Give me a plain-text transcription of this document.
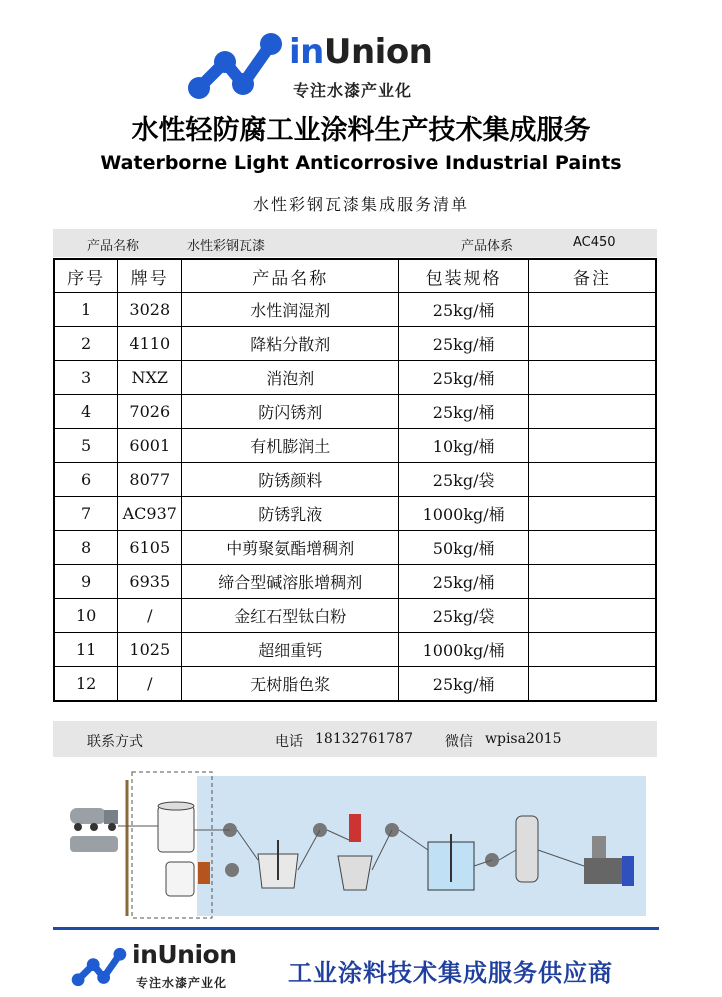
inUnion
专注水漆产业化
水性轻防腐工业涂料生产技术集成服务
Waterborne Light Anticorrosive Industrial Paints
水性彩钢瓦漆集成服务清单
产品名称	水性彩钢瓦漆	产品体系	AC450
序号	牌号	产品名称	包装规格	备注
1	3028	水性润湿剂	25kg/桶	
2	4110	降粘分散剂	25kg/桶	
3	NXZ	消泡剂	25kg/桶	
4	7026	防闪锈剂	25kg/桶	
5	6001	有机膨润土	10kg/桶	
6	8077	防锈颜料	25kg/袋	
7	AC937	防锈乳液	1000kg/桶	
8	6105	中剪聚氨酯增稠剂	50kg/桶	
9	6935	缔合型碱溶胀增稠剂	25kg/桶	
10	/	金红石型钛白粉	25kg/袋	
11	1025	超细重钙	1000kg/桶	
12	/	无树脂色浆	25kg/桶	
联系方式	电话 18132761787 微信 wpisa2015
inUnion
专注水漆产业化	工业涂料技术集成服务供应商
